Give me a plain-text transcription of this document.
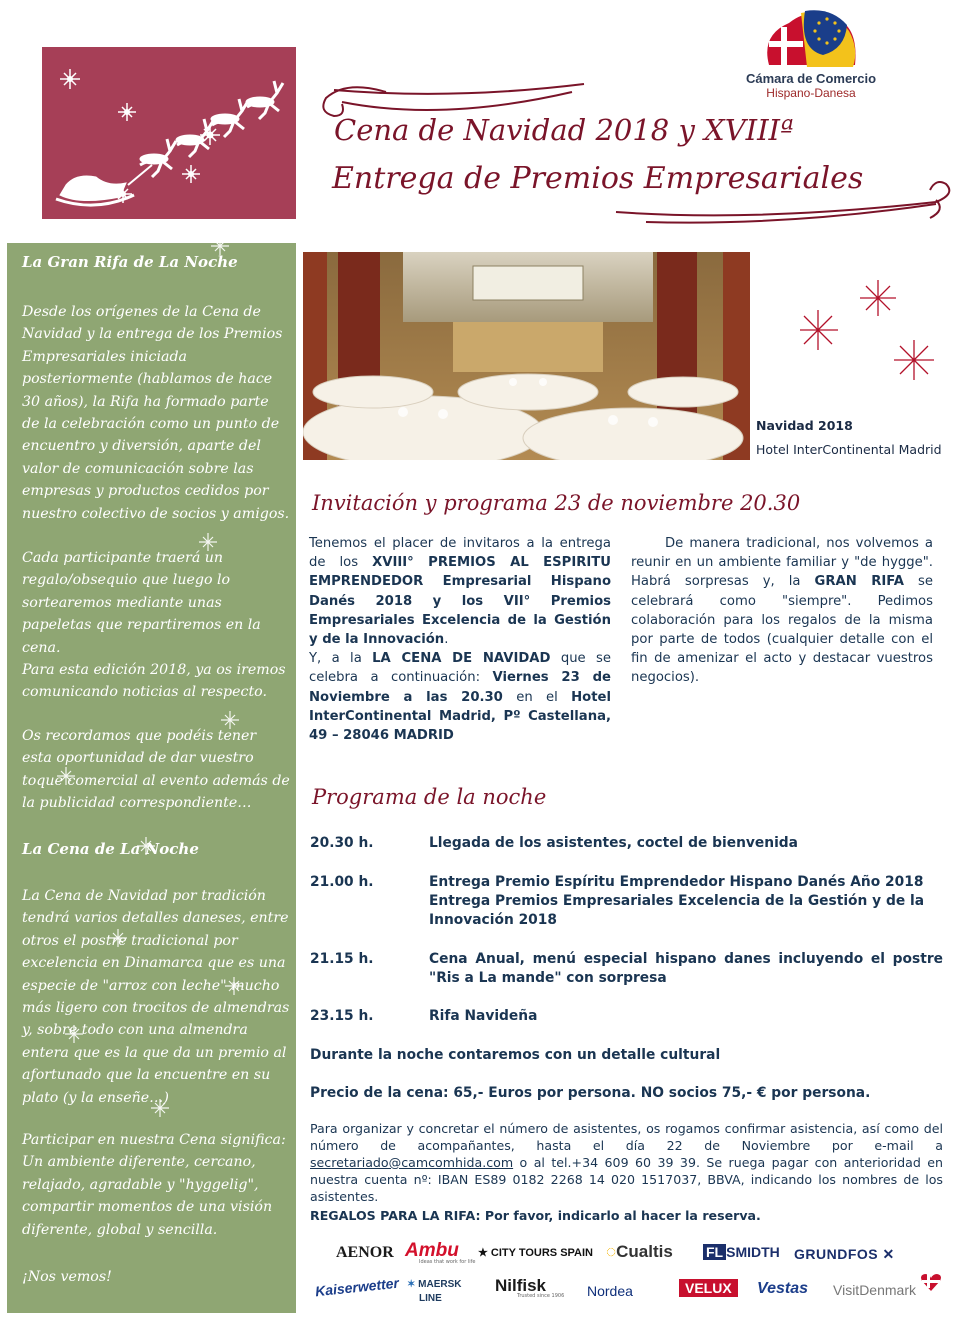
Cámara de Comercio
Hispano-Danesa
Cena de Navidad 2018 y XVIIIª
Entrega de Premios Empresariales
La Gran Rifa de La Noche
Desde los orígenes de la Cena de Navidad y la entrega de los Premios Empresariales iniciada posteriormente (hablamos de hace 30 años), la Rifa ha formado parte de la celebración como un punto de encuentro y diversión, aparte del valor de comunicación sobre las empresas y productos cedidos por nuestro colectivo de socios y amigos.
Cada participante traerá un regalo/obsequio que luego lo sortearemos mediante unas papeletas que repartiremos en la cena.
Para esta edición 2018, ya os iremos comunicando noticias al respecto.
Os recordamos que podéis tener esta oportunidad de dar vuestro toque comercial al evento además de la publicidad correspondiente…
La Cena de La Noche
La Cena de Navidad por tradición tendrá varios detalles daneses, entre otros el postre tradicional por excelencia en Dinamarca que es una especie de "arroz con leche" mucho más ligero con trocitos de almendras y, sobre todo con una almendra entera que es la que da un premio al afortunado que la encuentre en su plato (y la enseñe…)
Participar en nuestra Cena significa: Un ambiente diferente, cercano, relajado, agradable y "hyggelig", compartir momentos de una visión diferente, global y sencilla.
¡Nos vemos!
Navidad 2018
Hotel InterContinental Madrid
Invitación y programa 23 de noviembre 20.30
Tenemos el placer de invitaros a la entrega de los XVIII° PREMIOS AL ESPIRITU EMPRENDEDOR Empresarial Hispano Danés 2018 y los VII° Premios Empresariales Excelencia de la Gestión y de la Innovación.
Y, a la LA CENA DE NAVIDAD que se celebra a continuación: Viernes 23 de Noviembre a las 20.30 en el Hotel InterContinental Madrid, Pº Castellana, 49 – 28046 MADRID
De manera tradicional, nos volvemos a reunir en un ambiente familiar y "de hygge". Habrá sorpresas y, la GRAN RIFA se celebrará como "siempre". Pedimos colaboración para los regalos de la misma por parte de todos (cualquier detalle con el fin de amenizar el acto y destacar vuestros negocios).
Programa de la noche
20.30 h.	Llegada de los asistentes, coctel de bienvenida
21.00 h.	Entrega Premio Espíritu Emprendedor Hispano Danés Año 2018 Entrega Premios Empresariales Excelencia de la Gestión y de la Innovación 2018
21.15 h.	Cena Anual, menú especial hispano danes incluyendo el postre "Ris a La mande" con sorpresa
23.15 h.	Rifa Navideña
Durante la noche contaremos con un detalle cultural
Precio de la cena: 65,- Euros por persona. NO socios 75,- € por persona.
Para organizar y concretar el número de asistentes, os rogamos confirmar asistencia, así como del número de acompañantes, hasta el día 22 de Noviembre por e-mail a secretariado@camcomhida.com o al tel.+34 609 60 39 39. Se ruega pagar con anterioridad en nuestra cuenta nº: IBAN ES89 0182 2268 14 020 1517037, BBVA, indicando los nombres de los asistentes.
REGALOS PARA LA RIFA: Por favor, indicarlo al hacer la reserva.
AENOR Ambu
Ideas that work for life
★ CITY TOURS SPAIN ◌Cualtis FL SMIDTH GRUNDFOS ✕
Kaiserwetter ✶ MAERSK
LINE
Nilfisk
Trusted since 1906 Nordea	VELUX	Vestas VisitDenmark
